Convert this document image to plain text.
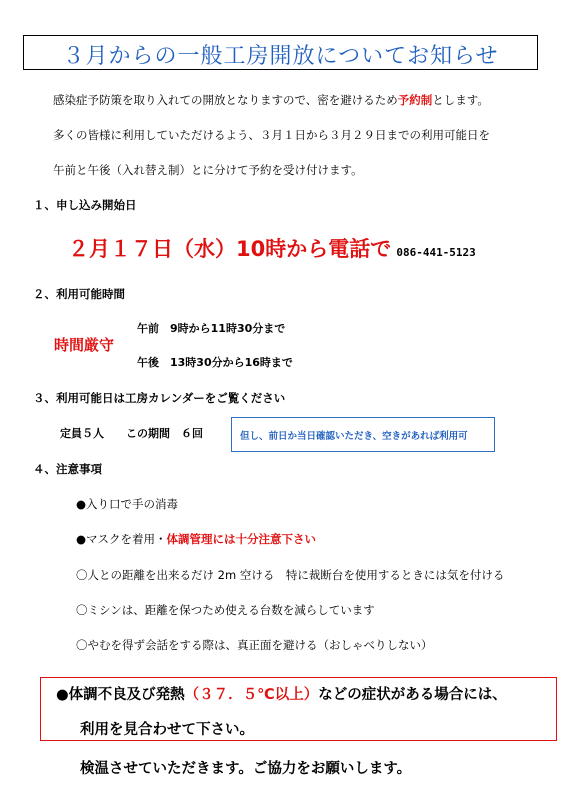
３月からの一般工房開放についてお知らせ
感染症予防策を取り入れての開放となりますので、密を避けるため予約制とします。
多くの皆様に利用していただけるよう、３月１日から３月２９日までの利用可能日を
午前と午後（入れ替え制）とに分けて予約を受け付けます。
１、申し込み開始日
２月１７日（水）10時から電話で 086-441-5123
２、利用可能時間
時間厳守
午前　9時から11時30分まで
午後　13時30分から16時まで
３、利用可能日は工房カレンダーをご覧ください
定員５人　　この期間　６回	但し、前日か当日確認いただき、空きがあれば利用可
４、注意事項
●入り口で手の消毒
●マスクを着用・体調管理には十分注意下さい
〇人との距離を出来るだけ 2m 空ける　特に裁断台を使用するときには気を付ける
〇ミシンは、距離を保つため使える台数を減らしています
〇やむを得ず会話をする際は、真正面を避ける（おしゃべりしない）
●体調不良及び発熱（３７．５℃以上）などの症状がある場合には、
利用を見合わせて下さい。
検温させていただきます。ご協力をお願いします。
